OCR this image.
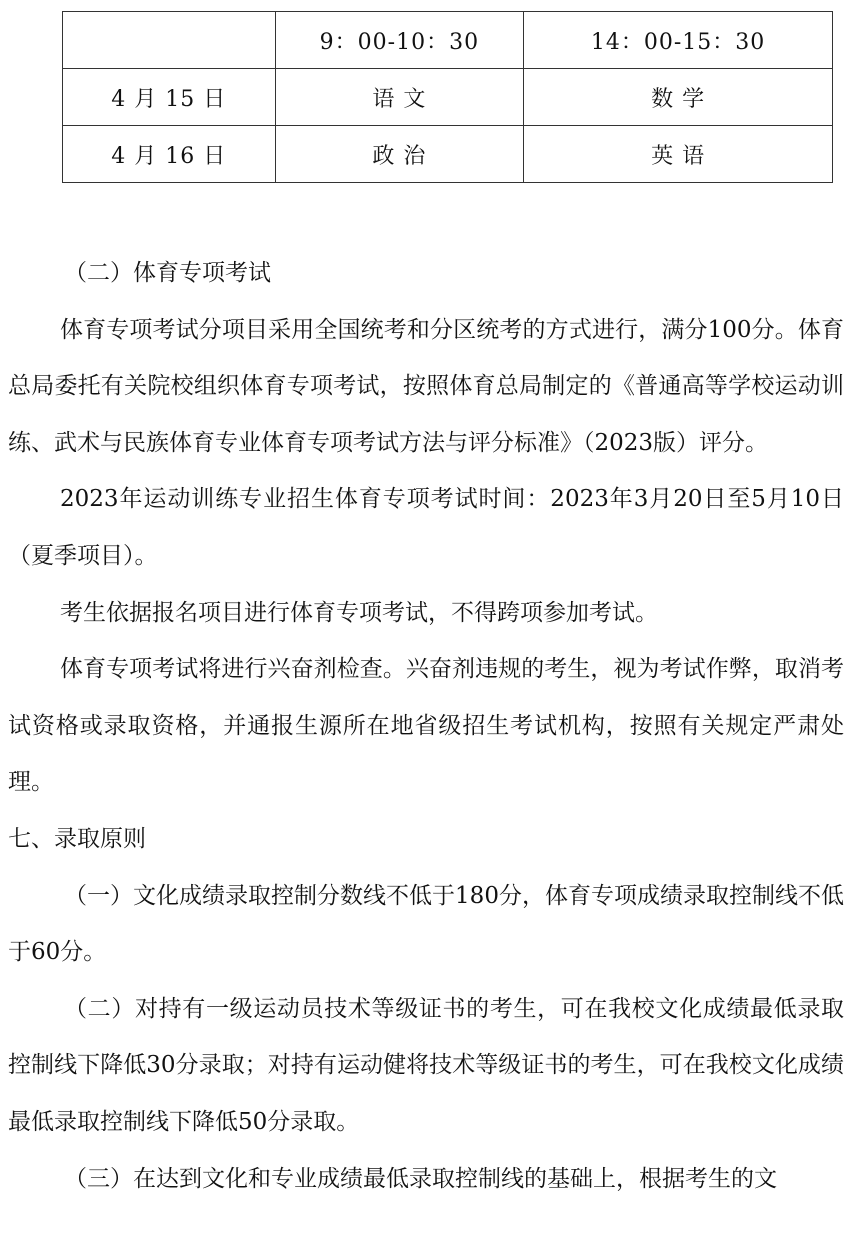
	9：00-10：30	14：00-15：30
4 月 15 日	语 文	数 学
4 月 16 日	政 治	英 语

（二）体育专项考试

体育专项考试分项目采用全国统考和分区统考的方式进行，满分100分。体育总局委托有关院校组织体育专项考试，按照体育总局制定的《普通高等学校运动训练、武术与民族体育专业体育专项考试方法与评分标准》（2023版）评分。

2023年运动训练专业招生体育专项考试时间：2023年3月20日至5月10日（夏季项目）。

考生依据报名项目进行体育专项考试，不得跨项参加考试。

体育专项考试将进行兴奋剂检查。兴奋剂违规的考生，视为考试作弊，取消考试资格或录取资格，并通报生源所在地省级招生考试机构，按照有关规定严肃处理。

七、录取原则

（一）文化成绩录取控制分数线不低于180分，体育专项成绩录取控制线不低于60分。

（二）对持有一级运动员技术等级证书的考生，可在我校文化成绩最低录取控制线下降低30分录取；对持有运动健将技术等级证书的考生，可在我校文化成绩最低录取控制线下降低50分录取。

（三）在达到文化和专业成绩最低录取控制线的基础上，根据考生的文
